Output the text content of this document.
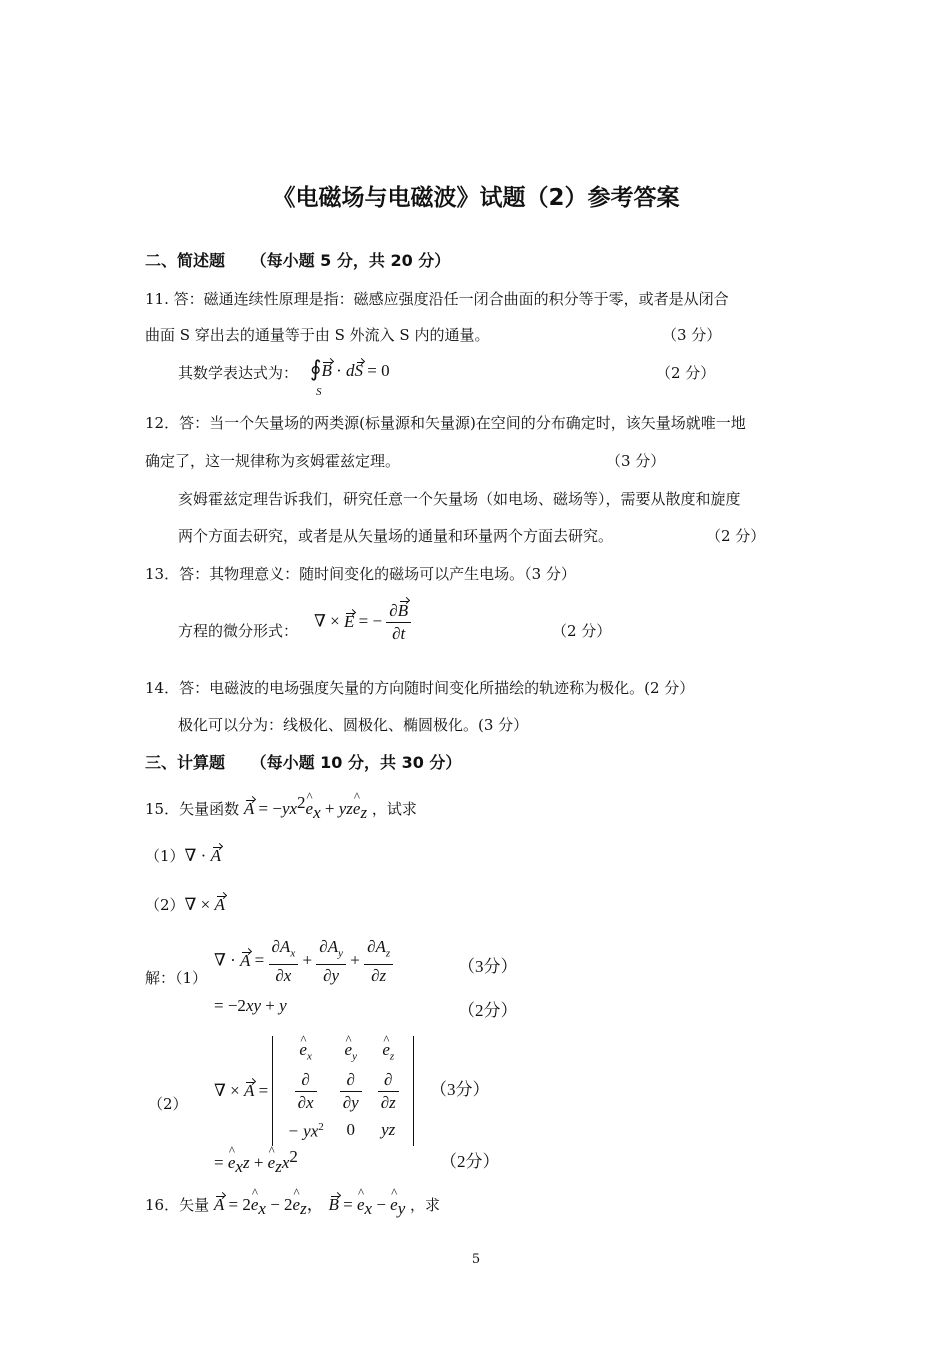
《电磁场与电磁波》试题（2）参考答案
二、简述题 （每小题 5 分，共 20 分）
11. 答：磁通连续性原理是指：磁感应强度沿任一闭合曲面的积分等于零，或者是从闭合
曲面 S 穿出去的通量等于由 S 外流入 S 内的通量。	（3 分）
其数学表达式为： ∮B · dS = 0
S
（2 分）
12．答：当一个矢量场的两类源(标量源和矢量源)在空间的分布确定时，该矢量场就唯一地
确定了，这一规律称为亥姆霍兹定理。	（3 分）
亥姆霍兹定理告诉我们，研究任意一个矢量场（如电场、磁场等），需要从散度和旋度
两个方面去研究，或者是从矢量场的通量和环量两个方面去研究。	（2 分）
13．答：其物理意义：随时间变化的磁场可以产生电场。（3 分）
方程的微分形式：
∇ × E = − $\frac{\partial B}{\partial t}$	（2 分）
14．答：电磁波的电场强度矢量的方向随时间变化所描绘的轨迹称为极化。(2 分）
极化可以分为：线极化、圆极化、椭圆极化。(3 分）
三、计算题 （每小题 10 分，共 30 分）
15．矢量函数 $A = -yx^2\^{}$ $e_x$ + yz^ $e_z$ ，试求
（1）∇ · A
（2）∇ × A
解：（1）
∇ · $A = \frac{\partial A_x}{\partial x} + \frac{\partial A_y}{\partial y} + \frac{\partial A_z}{\partial z}$	（3分）
= −2xy + y	（2分）
（2）
∇ × A =
^ $e_x$	^ $e_y$	^ $e_z$

$\frac{\partial}{\partial x}$	$\frac{\partial}{\partial y}$	$\frac{\partial}{\partial z}$

− $yx^2$	0	yz
（3分）
= ^ $e_xz$ + ^ $e_zx^2$	（2分）
16．矢量 A = 2^ $e_x$ − 2^ $e_z$， B = ^ $e_x$ − ^ $e_y$ ，求
5
